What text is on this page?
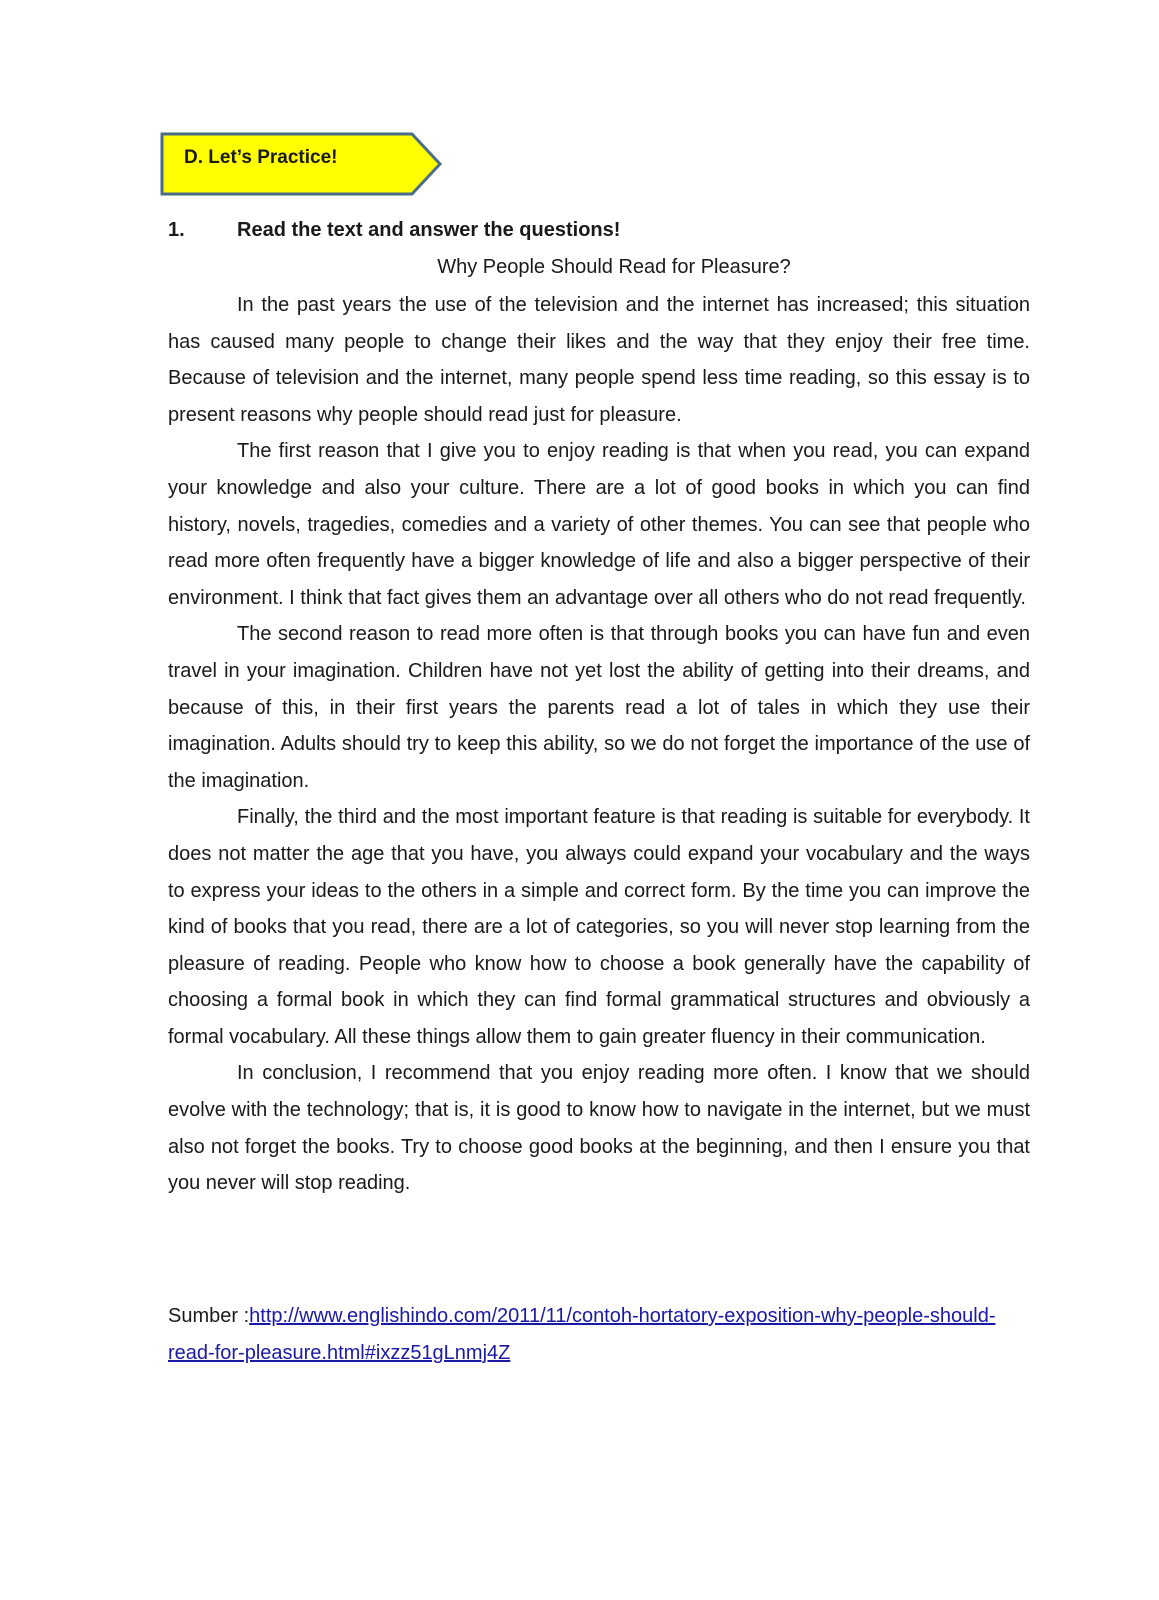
D. Let’s Practice!
1.	Read the text and answer the questions!
Why People Should Read for Pleasure?

In the past years the use of the television and the internet has increased; this situation has caused many people to change their likes and the way that they enjoy their free time. Because of television and the internet, many people spend less time reading, so this essay is to present reasons why people should read just for pleasure.

The first reason that I give you to enjoy reading is that when you read, you can expand your knowledge and also your culture. There are a lot of good books in which you can find history, novels, tragedies, comedies and a variety of other themes. You can see that people who read more often frequently have a bigger knowledge of life and also a bigger perspective of their environment. I think that fact gives them an advantage over all others who do not read frequently.

The second reason to read more often is that through books you can have fun and even travel in your imagination. Children have not yet lost the ability of getting into their dreams, and because of this, in their first years the parents read a lot of tales in which they use their imagination. Adults should try to keep this ability, so we do not forget the importance of the use of the imagination.

Finally, the third and the most important feature is that reading is suitable for everybody. It does not matter the age that you have, you always could expand your vocabulary and the ways to express your ideas to the others in a simple and correct form. By the time you can improve the kind of books that you read, there are a lot of categories, so you will never stop learning from the pleasure of reading. People who know how to choose a book generally have the capability of choosing a formal book in which they can find formal grammatical structures and obviously a formal vocabulary. All these things allow them to gain greater fluency in their communication.

In conclusion, I recommend that you enjoy reading more often. I know that we should evolve with the technology; that is, it is good to know how to navigate in the internet, but we must also not forget the books. Try to choose good books at the beginning, and then I ensure you that you never will stop reading.

Sumber :http://www.englishindo.com/2011/11/contoh-hortatory-exposition-why-people-should-read-for-pleasure.html#ixzz51gLnmj4Z
